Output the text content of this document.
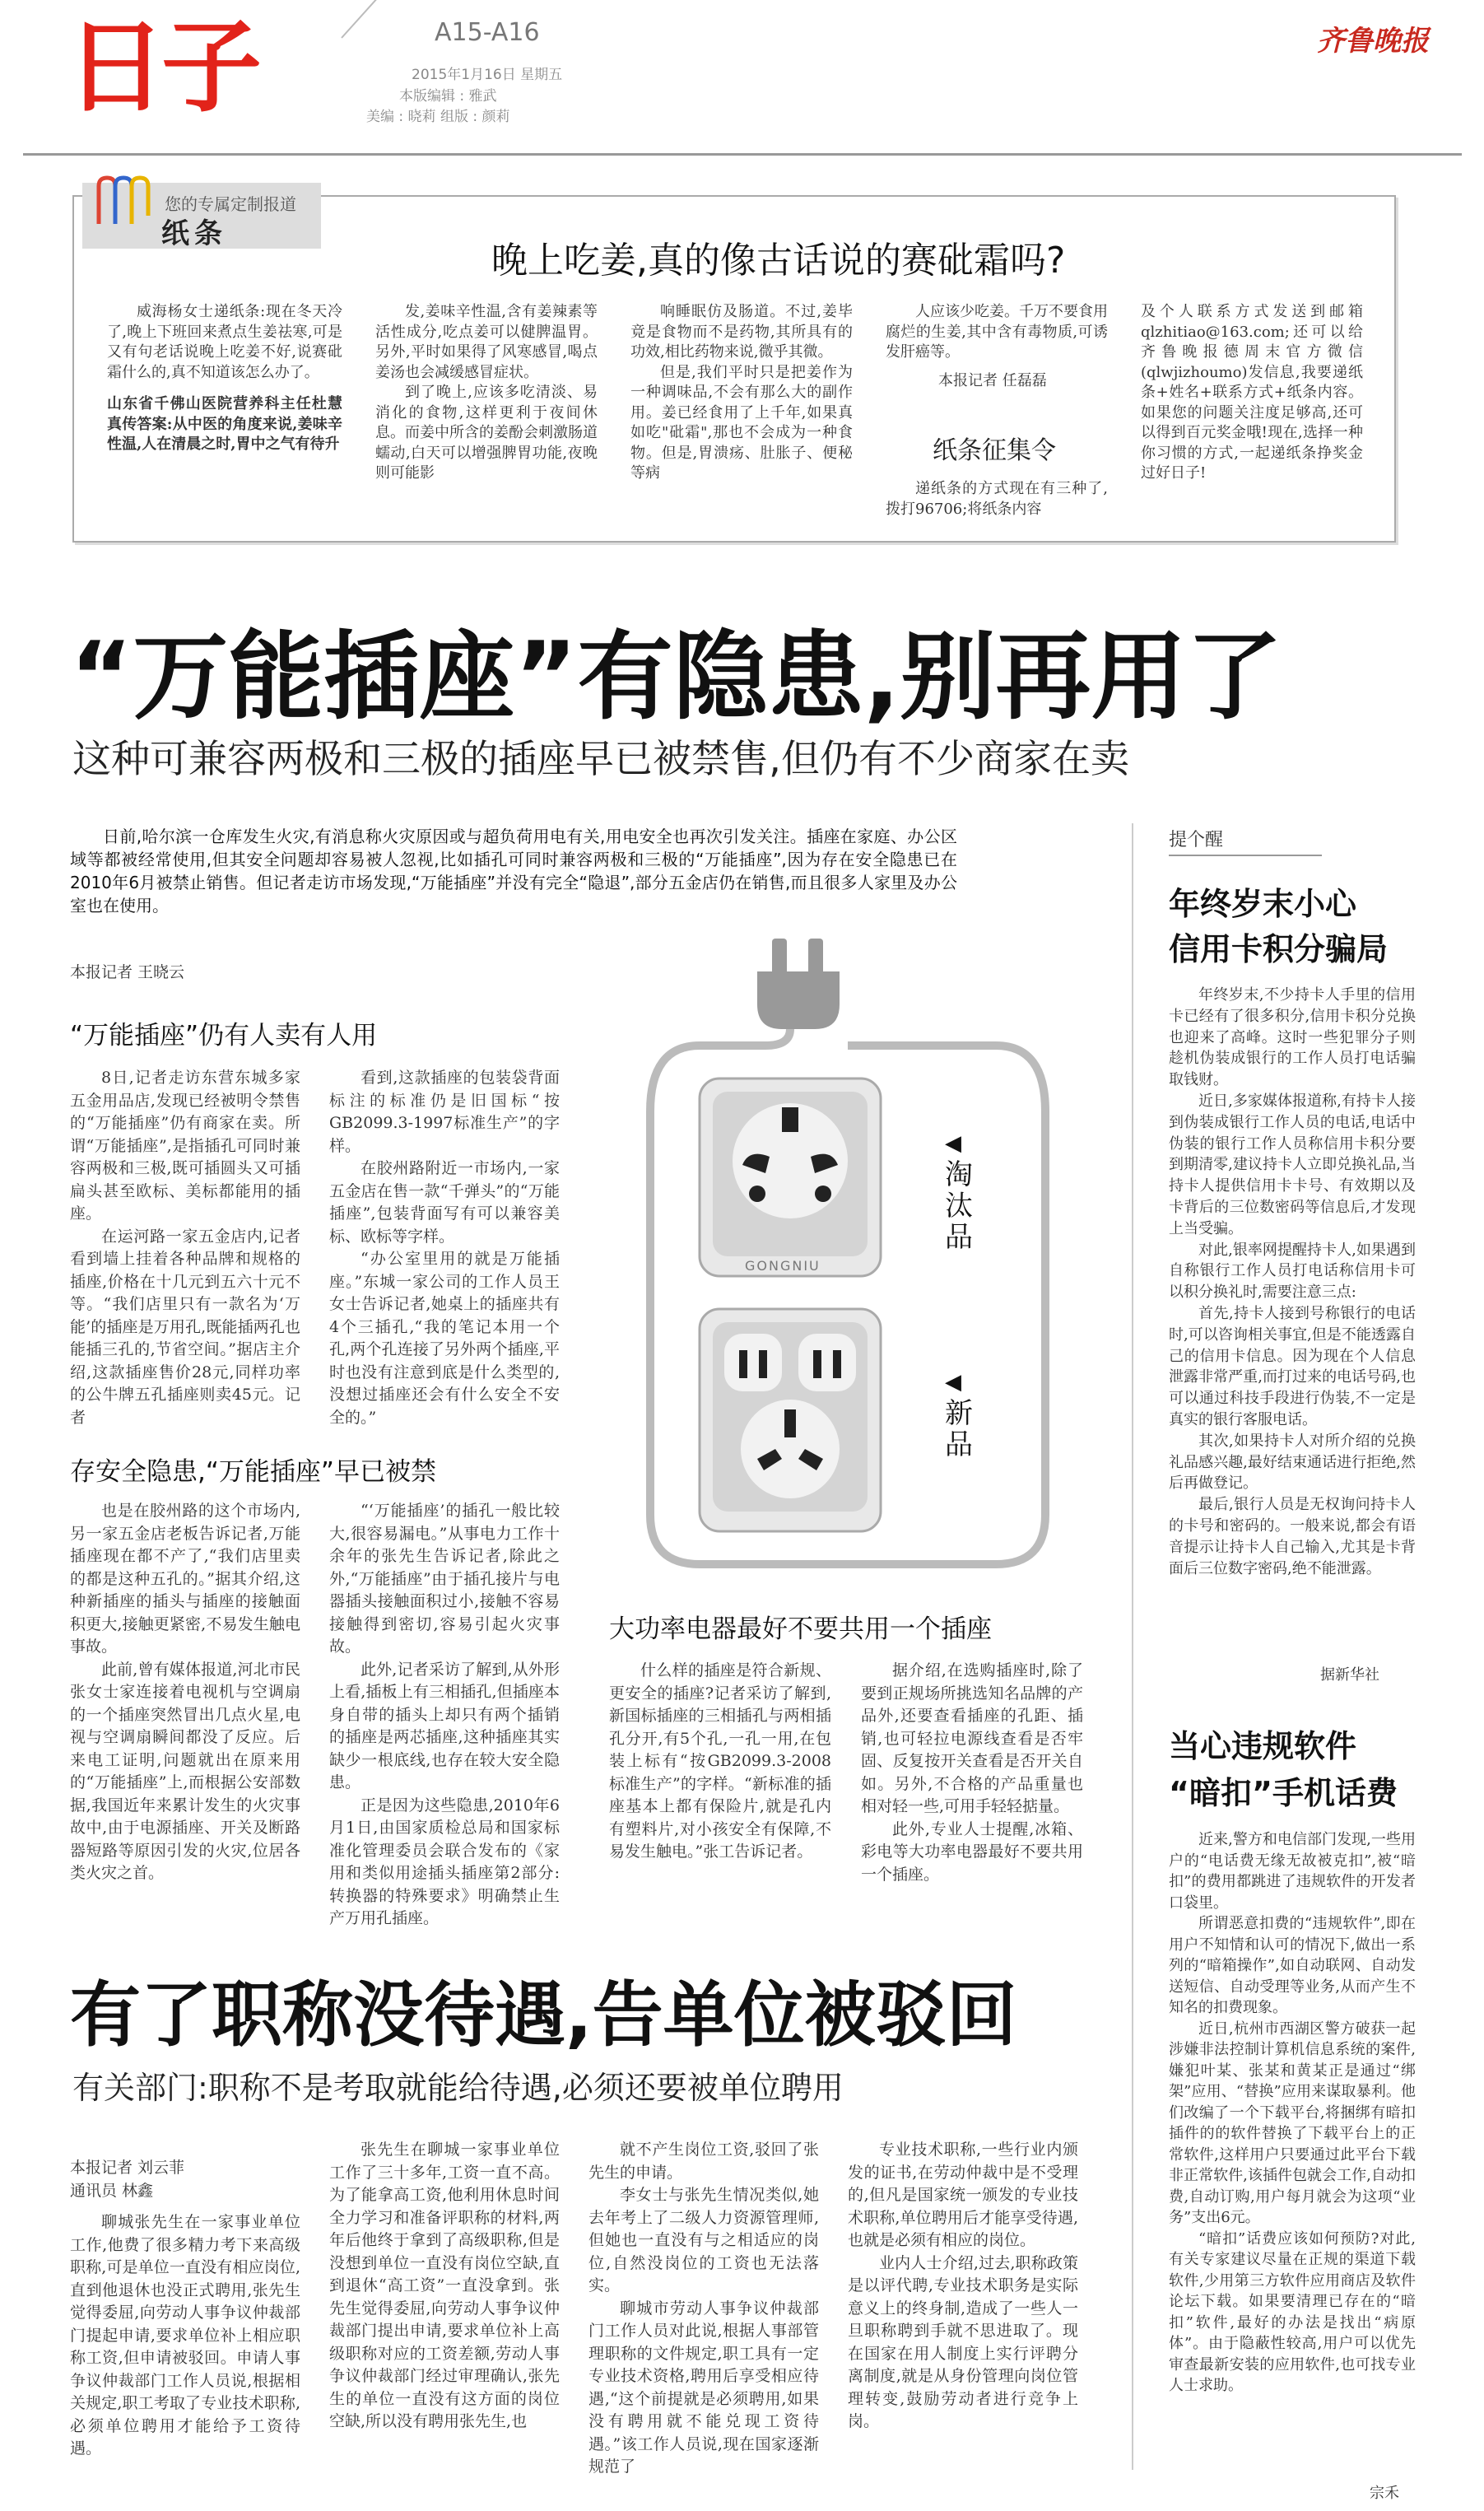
日子	A15-A16
2015年1月16日 星期五
本版编辑 : 雅武
美编 : 晓莉 组版 : 颜莉
齐鲁晚报
您的专属定制报道
纸条
晚上吃姜,真的像古话说的赛砒霜吗?

威海杨女士递纸条:现在冬天冷了,晚上下班回来煮点生姜祛寒,可是又有句老话说晚上吃姜不好,说赛砒霜什么的,真不知道该怎么办了。

山东省千佛山医院营养科主任杜慧真传答案:从中医的角度来说,姜味辛性温,人在清晨之时,胃中之气有待升

发,姜味辛性温,含有姜辣素等活性成分,吃点姜可以健脾温胃。另外,平时如果得了风寒感冒,喝点姜汤也会减缓感冒症状。

到了晚上,应该多吃清淡、易消化的食物,这样更利于夜间休息。而姜中所含的姜酚会刺激肠道蠕动,白天可以增强脾胃功能,夜晚则可能影

响睡眠仿及肠道。不过,姜毕竟是食物而不是药物,其所具有的功效,相比药物来说,微乎其微。

但是,我们平时只是把姜作为一种调味品,不会有那么大的副作用。姜已经食用了上千年,如果真如吃"砒霜",那也不会成为一种食物。但是,胃溃疡、肚胀子、便秘等病

人应该少吃姜。千万不要食用腐烂的生姜,其中含有毒物质,可诱发肝癌等。

本报记者 任磊磊
纸条征集令

递纸条的方式现在有三种了,拨打96706;将纸条内容

及个人联系方式发送到邮箱qlzhitiao@163.com;还可以给齐鲁晚报德周末官方微信(qlwjizhoumo)发信息,我要递纸条+姓名+联系方式+纸条内容。如果您的问题关注度足够高,还可以得到百元奖金哦!现在,选择一种你习惯的方式,一起递纸条挣奖金过好日子!

“万能插座”有隐患,别再用了
这种可兼容两极和三极的插座早已被禁售,但仍有不少商家在卖

日前,哈尔滨一仓库发生火灾,有消息称火灾原因或与超负荷用电有关,用电安全也再次引发关注。插座在家庭、办公区域等都被经常使用,但其安全问题却容易被人忽视,比如插孔可同时兼容两极和三极的“万能插座”,因为存在安全隐患已在2010年6月被禁止销售。但记者走访市场发现,“万能插座”并没有完全“隐退”,部分五金店仍在销售,而且很多人家里及办公室也在使用。

本报记者 王晓云
“万能插座”仍有人卖有人用

8日,记者走访东营东城多家五金用品店,发现已经被明令禁售的“万能插座”仍有商家在卖。所谓“万能插座”,是指插孔可同时兼容两极和三极,既可插圆头又可插扁头甚至欧标、美标都能用的插座。

在运河路一家五金店内,记者看到墙上挂着各种品牌和规格的插座,价格在十几元到五六十元不等。“我们店里只有一款名为‘万能’的插座是万用孔,既能插两孔也能插三孔的,节省空间。”据店主介绍,这款插座售价28元,同样功率的公牛牌五孔插座则卖45元。记者

看到,这款插座的包装袋背面标注的标准仍是旧国标“按GB2099.3-1997标准生产”的字样。

在胶州路附近一市场内,一家五金店在售一款“千弹头”的“万能插座”,包装背面写有可以兼容美标、欧标等字样。

“办公室里用的就是万能插座。”东城一家公司的工作人员王女士告诉记者,她桌上的插座共有4个三插孔,“我的笔记本用一个孔,两个孔连接了另外两个插座,平时也没有注意到底是什么类型的,没想过插座还会有什么安全不安全的。”

存安全隐患,“万能插座”早已被禁

也是在胶州路的这个市场内,另一家五金店老板告诉记者,万能插座现在都不产了,“我们店里卖的都是这种五孔的。”据其介绍,这种新插座的插头与插座的接触面积更大,接触更紧密,不易发生触电事故。

此前,曾有媒体报道,河北市民张女士家连接着电视机与空调扇的一个插座突然冒出几点火星,电视与空调扇瞬间都没了反应。后来电工证明,问题就出在原来用的“万能插座”上,而根据公安部数据,我国近年来累计发生的火灾事故中,由于电源插座、开关及断路器短路等原因引发的火灾,位居各类火灾之首。

“‘万能插座’的插孔一般比较大,很容易漏电。”从事电力工作十余年的张先生告诉记者,除此之外,“万能插座”由于插孔接片与电器插头接触面积过小,接触不容易接触得到密切,容易引起火灾事故。

此外,记者采访了解到,从外形上看,插板上有三相插孔,但插座本身自带的插头上却只有两个插销的插座是两芯插座,这种插座其实缺少一根底线,也存在较大安全隐患。

正是因为这些隐患,2010年6月1日,由国家质检总局和国家标准化管理委员会联合发布的《家用和类似用途插头插座第2部分:转换器的特殊要求》明确禁止生产万用孔插座。

GONGNIU
◀
淘汰品
◀
新品
大功率电器最好不要共用一个插座

什么样的插座是符合新规、更安全的插座?记者采访了解到,新国标插座的三相插孔与两相插孔分开,有5个孔,一孔一用,在包装上标有“按GB2099.3-2008标准生产”的字样。“新标准的插座基本上都有保险片,就是孔内有塑料片,对小孩安全有保障,不易发生触电。”张工告诉记者。

据介绍,在选购插座时,除了要到正规场所挑选知名品牌的产品外,还要查看插座的孔距、插销,也可轻拉电源线查看是否牢固、反复按开关查看是否开关自如。另外,不合格的产品重量也相对轻一些,可用手轻轻掂量。

此外,专业人士提醒,冰箱、彩电等大功率电器最好不要共用一个插座。

提个醒
年终岁末小心
信用卡积分骗局

年终岁末,不少持卡人手里的信用卡已经有了很多积分,信用卡积分兑换也迎来了高峰。这时一些犯罪分子则趁机伪装成银行的工作人员打电话骗取钱财。

近日,多家媒体报道称,有持卡人接到伪装成银行工作人员的电话,电话中伪装的银行工作人员称信用卡积分要到期清零,建议持卡人立即兑换礼品,当持卡人提供信用卡卡号、有效期以及卡背后的三位数密码等信息后,才发现上当受骗。

对此,银率网提醒持卡人,如果遇到自称银行工作人员打电话称信用卡可以积分换礼时,需要注意三点:

首先,持卡人接到号称银行的电话时,可以咨询相关事宜,但是不能透露自己的信用卡信息。因为现在个人信息泄露非常严重,而打过来的电话号码,也可以通过科技手段进行伪装,不一定是真实的银行客服电话。

其次,如果持卡人对所介绍的兑换礼品感兴趣,最好结束通话进行拒绝,然后再做登记。

最后,银行人员是无权询问持卡人的卡号和密码的。一般来说,都会有语音提示让持卡人自己输入,尤其是卡背面后三位数字密码,绝不能泄露。

据新华社
当心违规软件
“暗扣”手机话费

近来,警方和电信部门发现,一些用户的“电话费无缘无故被克扣”,被“暗扣”的费用都跳进了违规软件的开发者口袋里。

所谓恶意扣费的“违规软件”,即在用户不知情和认可的情况下,做出一系列的“暗箱操作”,如自动联网、自动发送短信、自动受理等业务,从而产生不知名的扣费现象。

近日,杭州市西湖区警方破获一起涉嫌非法控制计算机信息系统的案件,嫌犯叶某、张某和黄某正是通过“绑架”应用、“替换”应用来谋取暴利。他们改编了一个下载平台,将捆绑有暗扣插件的的软件替换了下载平台上的正常软件,这样用户只要通过此平台下载非正常软件,该插件包就会工作,自动扣费,自动订购,用户每月就会为这项“业务”支出6元。

“暗扣”话费应该如何预防?对此,有关专家建议尽量在正规的渠道下载软件,少用第三方软件应用商店及软件论坛下载。如果要清理已存在的“暗扣”软件,最好的办法是找出“病原体”。由于隐蔽性较高,用户可以优先审查最新安装的应用软件,也可找专业人士求助。

宗禾
有了职称没待遇,告单位被驳回
有关部门:职称不是考取就能给待遇,必须还要被单位聘用
本报记者 刘云菲
通讯员 林鑫

聊城张先生在一家事业单位工作,他费了很多精力考下来高级职称,可是单位一直没有相应岗位,直到他退休也没正式聘用,张先生觉得委屈,向劳动人事争议仲裁部门提起申请,要求单位补上相应职称工资,但申请被驳回。申请人事争议仲裁部门工作人员说,根据相关规定,职工考取了专业技术职称,必须单位聘用才能给予工资待遇。

张先生在聊城一家事业单位工作了三十多年,工资一直不高。为了能拿高工资,他利用休息时间全力学习和准备评职称的材料,两年后他终于拿到了高级职称,但是没想到单位一直没有岗位空缺,直到退休“高工资”一直没拿到。张先生觉得委屈,向劳动人事争议仲裁部门提出申请,要求单位补上高级职称对应的工资差额,劳动人事争议仲裁部门经过审理确认,张先生的单位一直没有这方面的岗位空缺,所以没有聘用张先生,也

就不产生岗位工资,驳回了张先生的申请。

李女士与张先生情况类似,她去年考上了二级人力资源管理师,但她也一直没有与之相适应的岗位,自然没岗位的工资也无法落实。

聊城市劳动人事争议仲裁部门工作人员对此说,根据人事部管理职称的文件规定,职工具有一定专业技术资格,聘用后享受相应待遇,“这个前提就是必须聘用,如果没有聘用就不能兑现工资待遇。”该工作人员说,现在国家逐渐规范了

专业技术职称,一些行业内颁发的证书,在劳动仲裁中是不受理的,但凡是国家统一颁发的专业技术职称,单位聘用后才能享受待遇,也就是必须有相应的岗位。

业内人士介绍,过去,职称政策是以评代聘,专业技术职务是实际意义上的终身制,造成了一些人一旦职称聘到手就不思进取了。现在国家在用人制度上实行评聘分离制度,就是从身份管理向岗位管理转变,鼓励劳动者进行竞争上岗。
